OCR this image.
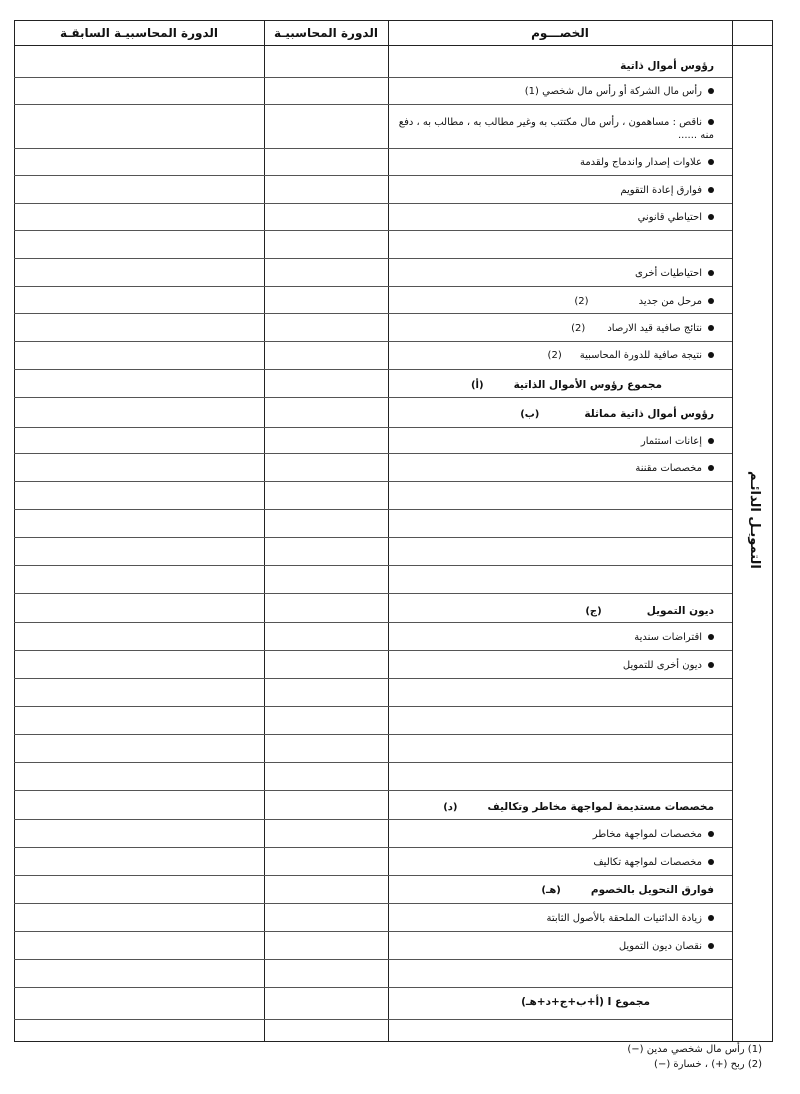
الدورة المحاسبيـة السابقـة	الدورة المحاسبيـة	الخصـــوم
التمويـل الدائـم
رؤوس أموال ذاتية
رأس مال الشركة أو رأس مال شخصي (1)
ناقص : مساهمون ، رأس مال مكتتب به وغير مطالب به ، مطالب به ، دفع منه ......
علاوات إصدار واندماج ولقدمة
فوارق إعادة التقويم
احتياطي قانوني
احتياطيات أخرى
مرحل من جديد(2)
نتائج صافية قيد الارصاد(2)
نتيجة صافية للدورة المحاسبية(2)
مجموع رؤوس الأموال الذاتية(أ)
رؤوس أموال ذاتية مماثلة(ب)
إعانات استثمار
مخصصات مقننة
ديون التمويل(ج)
اقتراضات سندية
ديون أخرى للتمويل
مخصصات مستديمة لمواجهة مخاطر وتكاليف(د)
مخصصات لمواجهة مخاطر
مخصصات لمواجهة تكاليف
فوارق التحويل بالخصوم(هـ)
زيادة الدائنيات الملحقة بالأصول الثابتة
نقصان ديون التمويل
مجموع I (أ+ب+ج+د+هـ)
(1) رأس مال شخصي مدين (−)
(2) ربح (+) ، خسارة (−)
